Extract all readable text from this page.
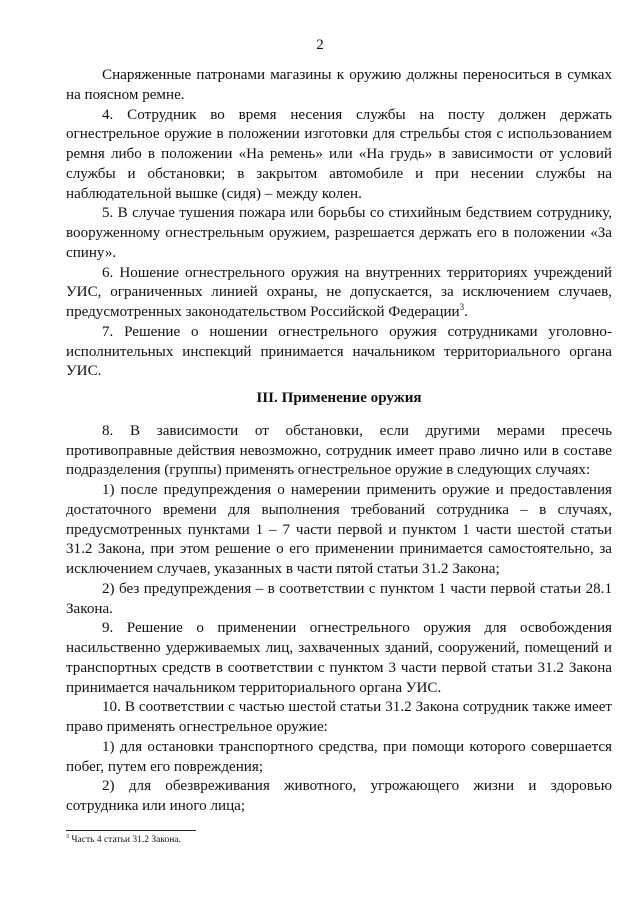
2

Снаряженные патронами магазины к оружию должны переноситься в сумках на поясном ремне.

4. Сотрудник во время несения службы на посту должен держать огнестрельное оружие в положении изготовки для стрельбы стоя с использованием ремня либо в положении «На ремень» или «На грудь» в зависимости от условий службы и обстановки; в закрытом автомобиле и при несении службы на наблюдательной вышке (сидя) – между колен.

5. В случае тушения пожара или борьбы со стихийным бедствием сотруднику, вооруженному огнестрельным оружием, разрешается держать его в положении «За спину».

6. Ношение огнестрельного оружия на внутренних территориях учреждений УИС, ограниченных линией охраны, не допускается, за исключением случаев, предусмотренных законодательством Российской Федерации$^3$.

7. Решение о ношении огнестрельного оружия сотрудниками уголовно-исполнительных инспекций принимается начальником территориального органа УИС.

III. Применение оружия

8. В зависимости от обстановки, если другими мерами пресечь противоправные действия невозможно, сотрудник имеет право лично или в составе подразделения (группы) применять огнестрельное оружие в следующих случаях:

1) после предупреждения о намерении применить оружие и предоставления достаточного времени для выполнения требований сотрудника – в случаях, предусмотренных пунктами 1 – 7 части первой и пунктом 1 части шестой статьи 31.2 Закона, при этом решение о его применении принимается самостоятельно, за исключением случаев, указанных в части пятой статьи 31.2 Закона;

2) без предупреждения – в соответствии с пунктом 1 части первой статьи 28.1 Закона.

9. Решение о применении огнестрельного оружия для освобождения насильственно удерживаемых лиц, захваченных зданий, сооружений, помещений и транспортных средств в соответствии с пунктом 3 части первой статьи 31.2 Закона принимается начальником территориального органа УИС.

10. В соответствии с частью шестой статьи 31.2 Закона сотрудник также имеет право применять огнестрельное оружие:

1) для остановки транспортного средства, при помощи которого совершается побег, путем его повреждения;

2) для обезвреживания животного, угрожающего жизни и здоровью сотрудника или иного лица;

$^3$ Часть 4 статьи 31.2 Закона.
